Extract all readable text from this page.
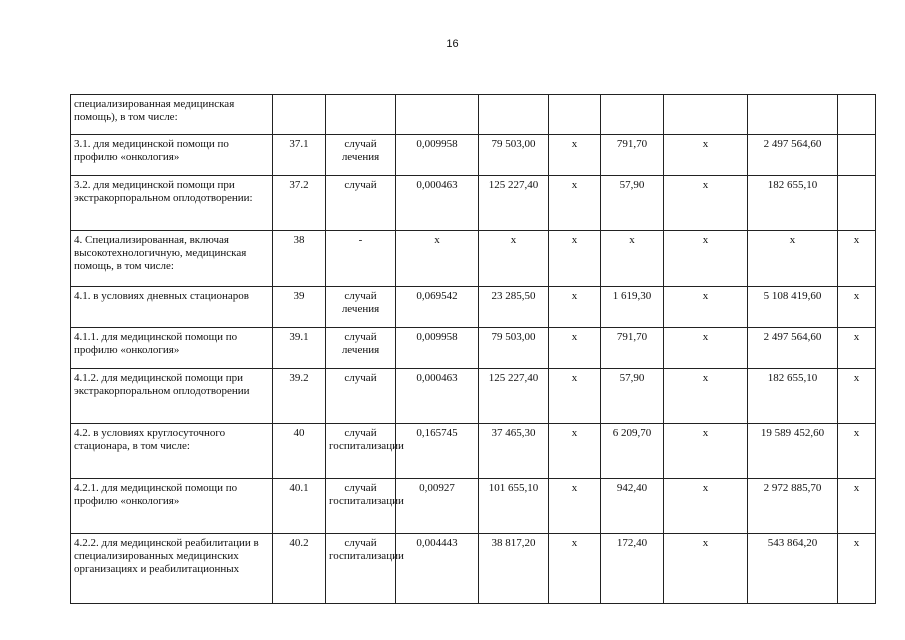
16
специализированная медицинская помощь), в том числе:									
3.1. для медицинской помощи по профилю «онкология»	37.1	случай лечения	0,009958	79 503,00	х	791,70	х	2 497 564,60	
3.2. для медицинской помощи при экстракорпоральном оплодотворении:	37.2	случай	0,000463	125 227,40	х	57,90	х	182 655,10	
4. Специализированная, включая высокотехнологичную, медицинская помощь, в том числе:	38	-	х	х	х	х	х	х	х
4.1. в условиях дневных стационаров	39	случай лечения	0,069542	23 285,50	х	1 619,30	х	5 108 419,60	х
4.1.1. для медицинской помощи по профилю «онкология»	39.1	случай лечения	0,009958	79 503,00	х	791,70	х	2 497 564,60	х
4.1.2. для медицинской помощи при экстракорпоральном оплодотворении	39.2	случай	0,000463	125 227,40	х	57,90	х	182 655,10	х
4.2. в условиях круглосуточного стационара, в том числе:	40	случай госпитализации	0,165745	37 465,30	х	6 209,70	х	19 589 452,60	х
4.2.1. для медицинской помощи по профилю «онкология»	40.1	случай госпитализации	0,00927	101 655,10	х	942,40	х	2 972 885,70	х
4.2.2. для медицинской реабилитации в специализированных медицинских организациях и реабилитационных	40.2	случай госпитализации	0,004443	38 817,20	х	172,40	х	543 864,20	х
